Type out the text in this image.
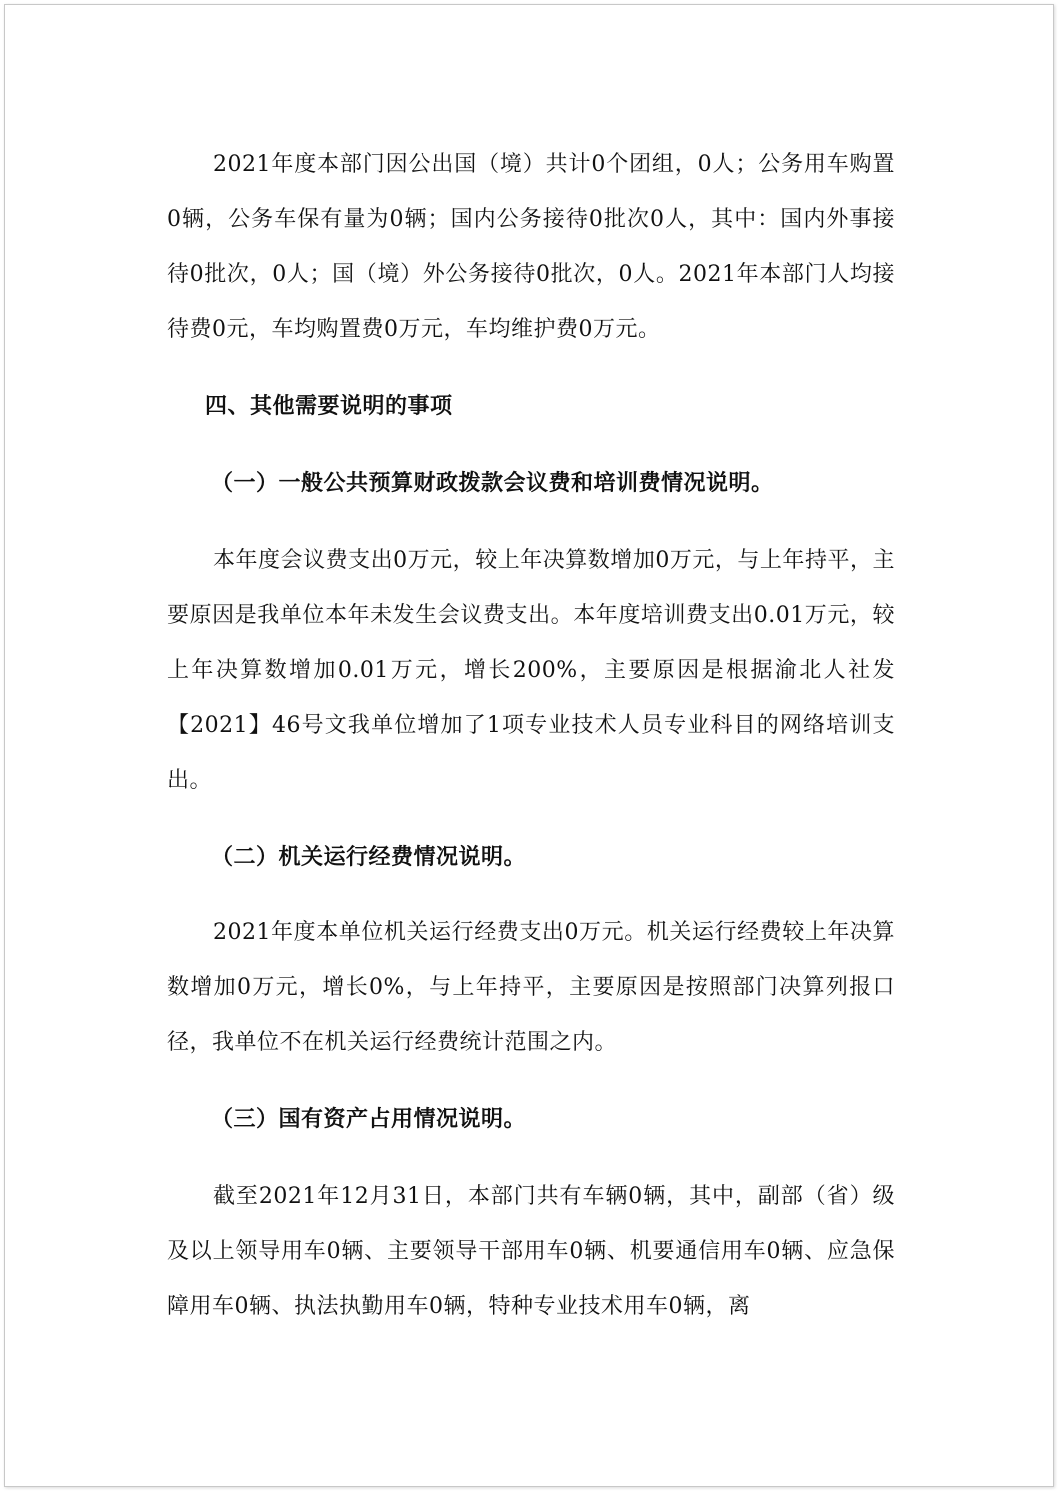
2021年度本部门因公出国（境）共计0个团组，0人；公务用车购置0辆，公务车保有量为0辆；国内公务接待0批次0人，其中：国内外事接待0批次，0人；国（境）外公务接待0批次，0人。2021年本部门人均接待费0元，车均购置费0万元，车均维护费0万元。

四、其他需要说明的事项

（一）一般公共预算财政拨款会议费和培训费情况说明。

本年度会议费支出0万元，较上年决算数增加0万元，与上年持平，主要原因是我单位本年未发生会议费支出。本年度培训费支出0.01万元，较上年决算数增加0.01万元，增长200%，主要原因是根据渝北人社发【2021】46号文我单位增加了1项专业技术人员专业科目的网络培训支出。

（二）机关运行经费情况说明。

2021年度本单位机关运行经费支出0万元。机关运行经费较上年决算数增加0万元，增长0%，与上年持平，主要原因是按照部门决算列报口径，我单位不在机关运行经费统计范围之内。

（三）国有资产占用情况说明。

截至2021年12月31日，本部门共有车辆0辆，其中，副部（省）级及以上领导用车0辆、主要领导干部用车0辆、机要通信用车0辆、应急保障用车0辆、执法执勤用车0辆，特种专业技术用车0辆，离
